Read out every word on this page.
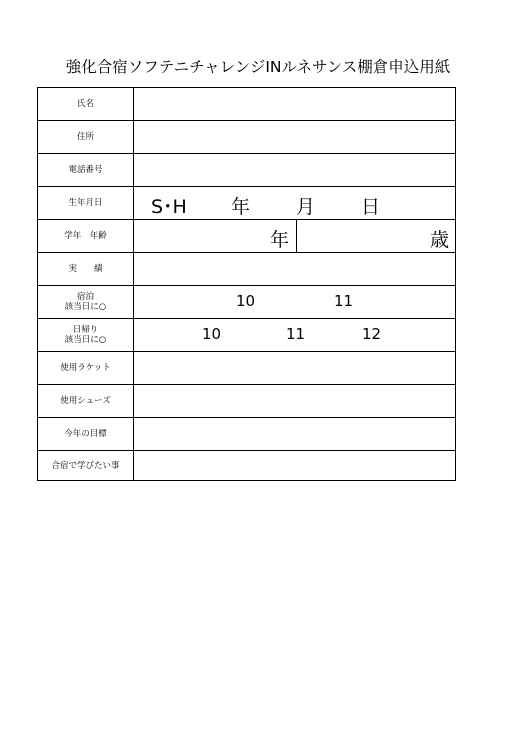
強化合宿ソフテニチャレンジINルネサンス棚倉申込用紙
氏名
住所
電話番号
生年月日	S･H 年 月 日
学年　年齢	年	歳
実　　績
宿泊
該当日に○	10	11
日帰り
該当日に○	10	11	12
使用ラケット
使用シューズ
今年の目標
合宿で学びたい事
